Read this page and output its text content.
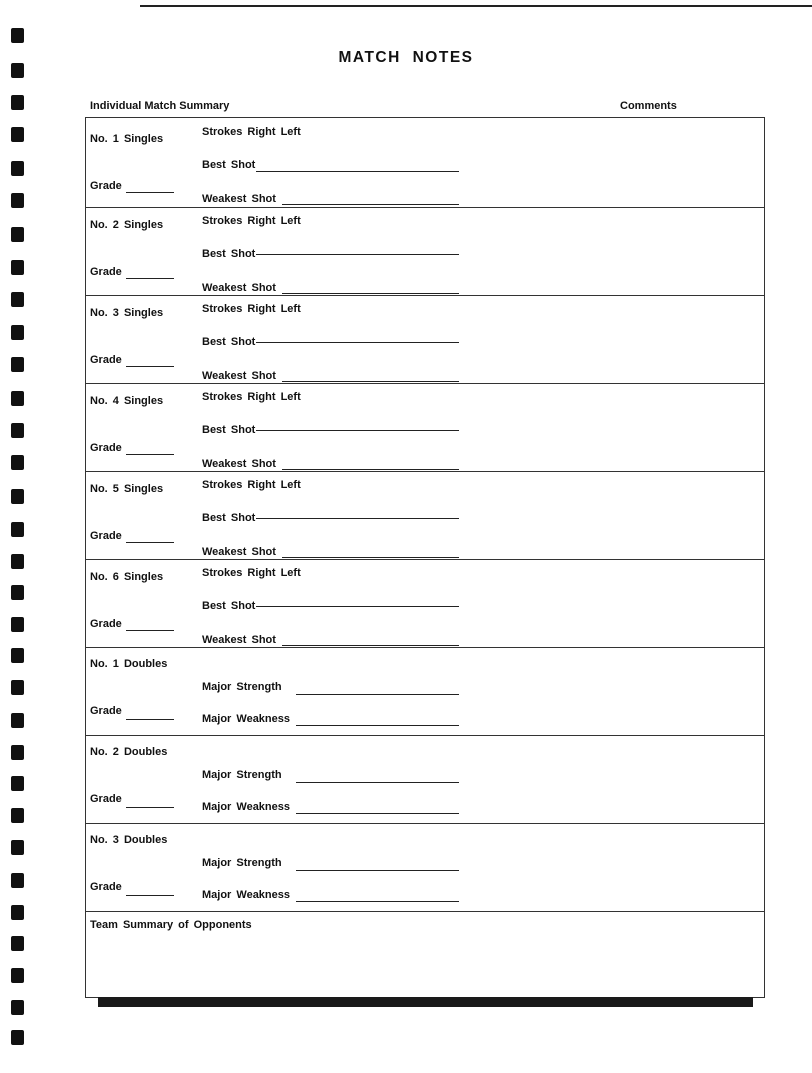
MATCH NOTES
Individual Match Summary	Comments
No. 1 Singles
Grade
Strokes Right Left
Best Shot
Weakest Shot
No. 2 Singles
Grade
Strokes Right Left
Best Shot
Weakest Shot
No. 3 Singles
Grade
Strokes Right Left
Best Shot
Weakest Shot
No. 4 Singles
Grade
Strokes Right Left
Best Shot
Weakest Shot
No. 5 Singles
Grade
Strokes Right Left
Best Shot
Weakest Shot
No. 6 Singles
Grade
Strokes Right Left
Best Shot
Weakest Shot
No. 1 Doubles
Grade
Major Strength
Major Weakness
No. 2 Doubles
Grade
Major Strength
Major Weakness
No. 3 Doubles
Grade
Major Strength
Major Weakness
Team Summary of Opponents
